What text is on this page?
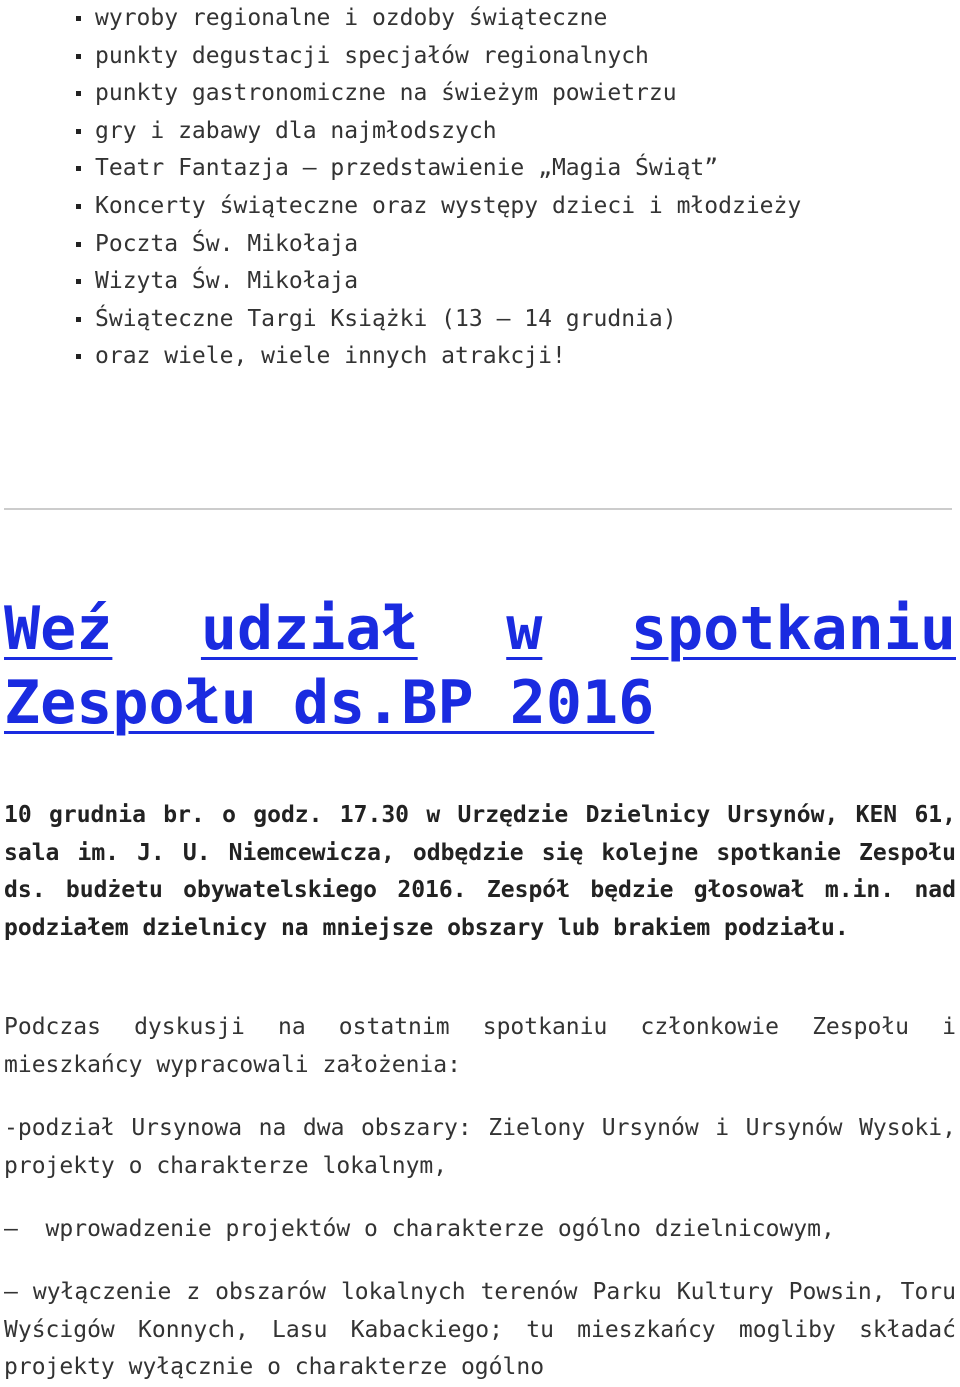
wyroby regionalne i ozdoby świąteczne
punkty degustacji specjałów regionalnych
punkty gastronomiczne na świeżym powietrzu
gry i zabawy dla najmłodszych
Teatr Fantazja – przedstawienie „Magia Świąt”
Koncerty świąteczne oraz występy dzieci i młodzieży
Poczta Św. Mikołaja
Wizyta Św. Mikołaja
Świąteczne Targi Książki (13 – 14 grudnia)
oraz wiele, wiele innych atrakcji!
Weź udział w spotkaniu
Zespołu ds.BP 2016

10 grudnia br. o godz. 17.30 w Urzędzie Dzielnicy Ursynów, KEN 61, sala im. J. U. Niemcewicza, odbędzie się kolejne spotkanie Zespołu ds. budżetu obywatelskiego 2016. Zespół będzie głosował m.in. nad podziałem dzielnicy na mniejsze obszary lub brakiem podziału.

Podczas dyskusji na ostatnim spotkaniu członkowie Zespołu i mieszkańcy wypracowali założenia:

-podział Ursynowa na dwa obszary: Zielony Ursynów i Ursynów Wysoki, projekty o charakterze lokalnym,

–  wprowadzenie projektów o charakterze ogólno dzielnicowym,

– wyłączenie z obszarów lokalnych terenów Parku Kultury Powsin, Toru Wyścigów Konnych, Lasu Kabackiego; tu mieszkańcy mogliby składać projekty wyłącznie o charakterze ogólno
